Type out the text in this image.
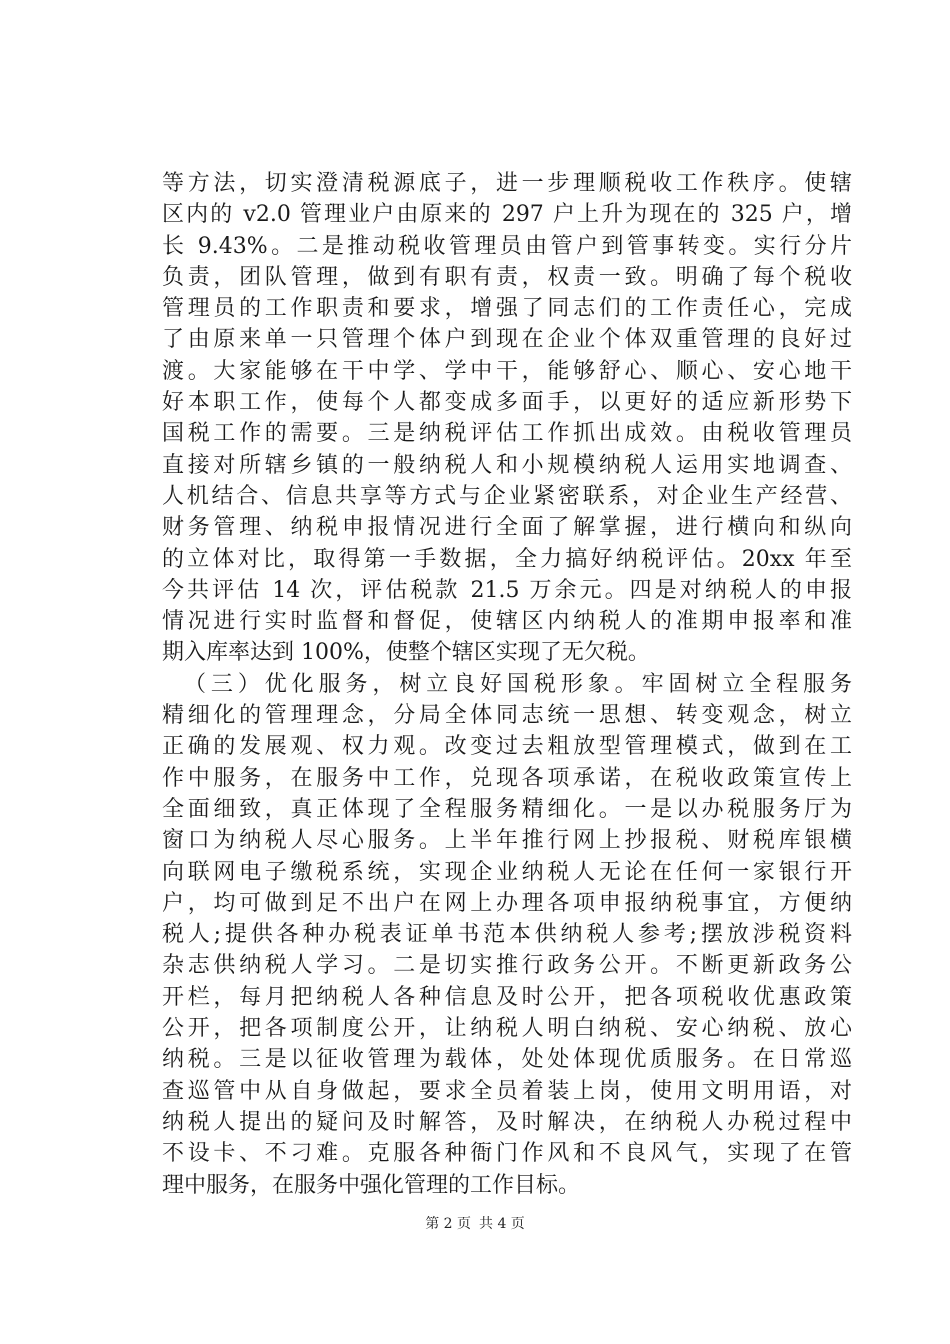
等方法，切实澄清税源底子，进一步理顺税收工作秩序。使辖
区内的 v2.0 管理业户由原来的 297 户上升为现在的 325 户，增
长 9.43%。二是推动税收管理员由管户到管事转变。实行分片
负责，团队管理，做到有职有责，权责一致。明确了每个税收
管理员的工作职责和要求，增强了同志们的工作责任心，完成
了由原来单一只管理个体户到现在企业个体双重管理的良好过
渡。大家能够在干中学、学中干，能够舒心、顺心、安心地干
好本职工作，使每个人都变成多面手，以更好的适应新形势下
国税工作的需要。三是纳税评估工作抓出成效。由税收管理员
直接对所辖乡镇的一般纳税人和小规模纳税人运用实地调查、
人机结合、信息共享等方式与企业紧密联系，对企业生产经营、
财务管理、纳税申报情况进行全面了解掌握，进行横向和纵向
的立体对比，取得第一手数据，全力搞好纳税评估。20xx 年至
今共评估 14 次，评估税款 21.5 万余元。四是对纳税人的申报
情况进行实时监督和督促，使辖区内纳税人的准期申报率和准
期入库率达到 100%，使整个辖区实现了无欠税。
（三）优化服务，树立良好国税形象。牢固树立全程服务
精细化的管理理念，分局全体同志统一思想、转变观念，树立
正确的发展观、权力观。改变过去粗放型管理模式，做到在工
作中服务，在服务中工作，兑现各项承诺，在税收政策宣传上
全面细致，真正体现了全程服务精细化。一是以办税服务厅为
窗口为纳税人尽心服务。上半年推行网上抄报税、财税库银横
向联网电子缴税系统，实现企业纳税人无论在任何一家银行开
户，均可做到足不出户在网上办理各项申报纳税事宜，方便纳
税人;提供各种办税表证单书范本供纳税人参考;摆放涉税资料
杂志供纳税人学习。二是切实推行政务公开。不断更新政务公
开栏，每月把纳税人各种信息及时公开，把各项税收优惠政策
公开，把各项制度公开，让纳税人明白纳税、安心纳税、放心
纳税。三是以征收管理为载体，处处体现优质服务。在日常巡
查巡管中从自身做起，要求全员着装上岗，使用文明用语，对
纳税人提出的疑问及时解答，及时解决，在纳税人办税过程中
不设卡、不刁难。克服各种衙门作风和不良风气，实现了在管
理中服务，在服务中强化管理的工作目标。
第 2 页 共 4 页
